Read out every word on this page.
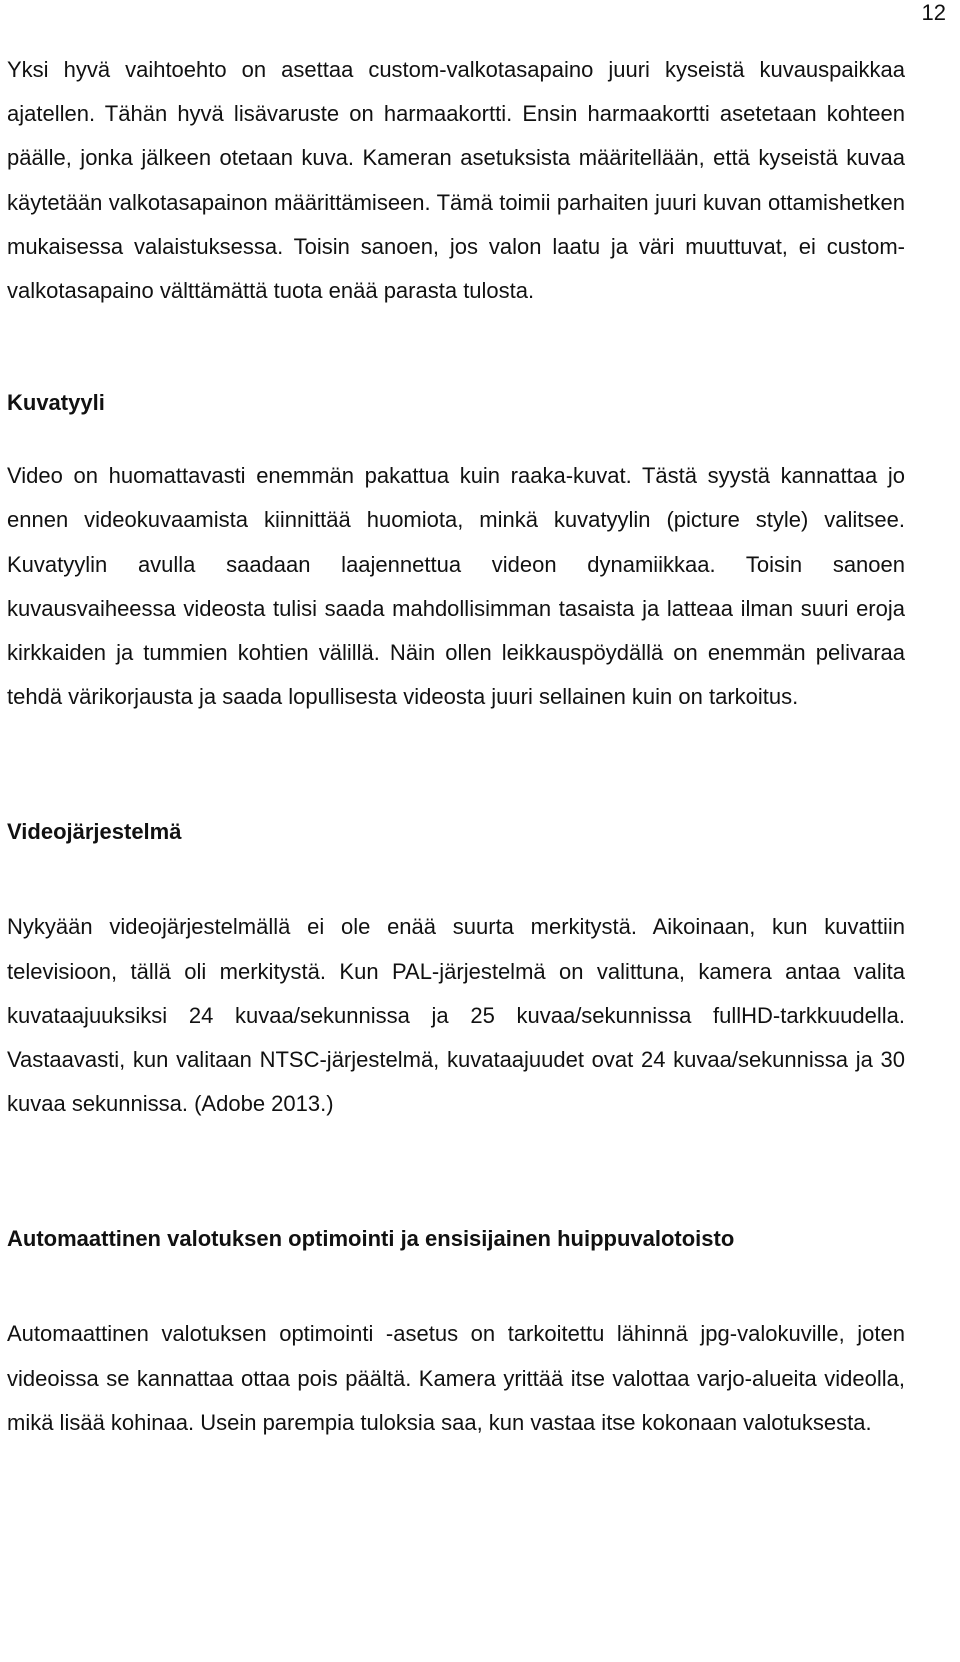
12

Yksi hyvä vaihtoehto on asettaa custom-valkotasapaino juuri kyseistä kuvauspaikkaa ajatellen. Tähän hyvä lisävaruste on harmaakortti. Ensin harmaakortti asetetaan kohteen päälle, jonka jälkeen otetaan kuva. Kameran asetuksista määritellään, että kyseistä kuvaa käytetään valkotasapainon määrittämiseen. Tämä toimii parhaiten juuri kuvan ottamishetken mukaisessa valaistuksessa. Toisin sanoen, jos valon laatu ja väri muuttuvat, ei custom-valkotasapaino välttämättä tuota enää parasta tulosta.

Kuvatyyli

Video on huomattavasti enemmän pakattua kuin raaka-kuvat. Tästä syystä kannattaa jo ennen videokuvaamista kiinnittää huomiota, minkä kuvatyylin (picture style) valitsee. Kuvatyylin avulla saadaan laajennettua videon dynamiikkaa. Toisin sanoen kuvausvaiheessa videosta tulisi saada mahdollisimman tasaista ja latteaa ilman suuri eroja kirkkaiden ja tummien kohtien välillä. Näin ollen leikkauspöydällä on enemmän pelivaraa tehdä värikorjausta ja saada lopullisesta videosta juuri sellainen kuin on tarkoitus.

Videojärjestelmä

Nykyään videojärjestelmällä ei ole enää suurta merkitystä. Aikoinaan, kun kuvattiin televisioon, tällä oli merkitystä. Kun PAL-järjestelmä on valittuna, kamera antaa valita kuvataajuuksiksi 24 kuvaa/sekunnissa ja 25 kuvaa/sekunnissa fullHD-tarkkuudella. Vastaavasti, kun valitaan NTSC-järjestelmä, kuvataajuudet ovat 24 kuvaa/sekunnissa ja 30 kuvaa sekunnissa. (Adobe 2013.)

Automaattinen valotuksen optimointi ja ensisijainen huippuvalotoisto

Automaattinen valotuksen optimointi -asetus on tarkoitettu lähinnä jpg-valokuville, joten videoissa se kannattaa ottaa pois päältä. Kamera yrittää itse valottaa varjo-alueita videolla, mikä lisää kohinaa. Usein parempia tuloksia saa, kun vastaa itse kokonaan valotuksesta.
